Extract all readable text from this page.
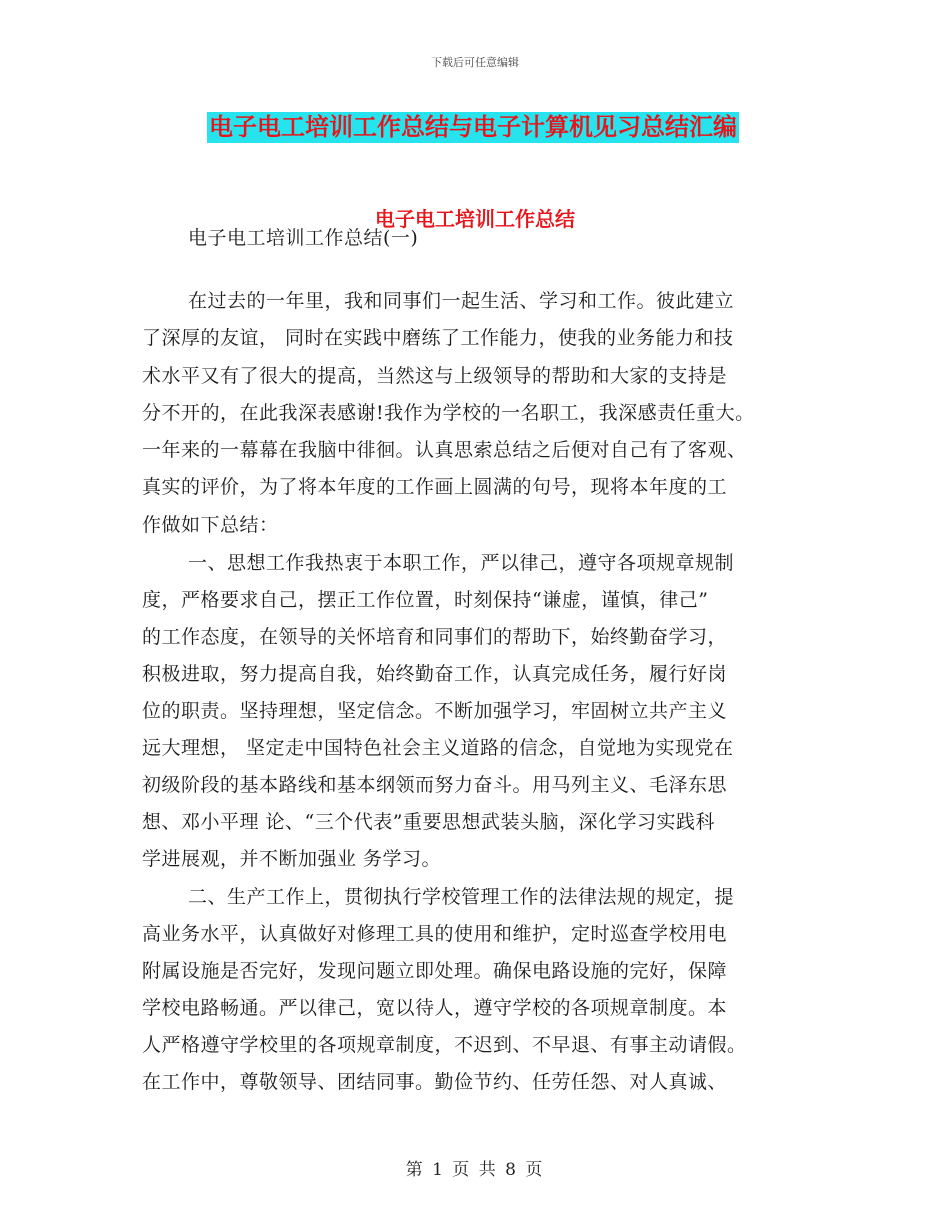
下载后可任意编辑
电子电工培训工作总结与电子计算机见习总结汇编
电子电工培训工作总结
电子电工培训工作总结(一)
在过去的一年里，我和同事们一起生活、学习和工作。彼此建立
了深厚的友谊， 同时在实践中磨练了工作能力，使我的业务能力和技
术水平又有了很大的提高，当然这与上级领导的帮助和大家的支持是
分不开的，在此我深表感谢!我作为学校的一名职工，我深感责任重大。
一年来的一幕幕在我脑中徘徊。认真思索总结之后便对自己有了客观、
真实的评价，为了将本年度的工作画上圆满的句号，现将本年度的工
作做如下总结：
一、思想工作我热衷于本职工作，严以律己，遵守各项规章规制
度，严格要求自己，摆正工作位置，时刻保持“谦虚，谨慎，律己”
的工作态度，在领导的关怀培育和同事们的帮助下，始终勤奋学习，
积极进取，努力提高自我，始终勤奋工作，认真完成任务，履行好岗
位的职责。坚持理想，坚定信念。不断加强学习，牢固树立共产主义
远大理想， 坚定走中国特色社会主义道路的信念，自觉地为实现党在
初级阶段的基本路线和基本纲领而努力奋斗。用马列主义、毛泽东思
想、邓小平理 论、“三个代表”重要思想武装头脑，深化学习实践科
学进展观，并不断加强业 务学习。
二、生产工作上，贯彻执行学校管理工作的法律法规的规定，提
高业务水平，认真做好对修理工具的使用和维护，定时巡查学校用电
附属设施是否完好，发现问题立即处理。确保电路设施的完好，保障
学校电路畅通。严以律己，宽以待人，遵守学校的各项规章制度。本
人严格遵守学校里的各项规章制度，不迟到、不早退、有事主动请假。
在工作中，尊敬领导、团结同事。勤俭节约、任劳任怨、对人真诚、
第 1 页 共 8 页
